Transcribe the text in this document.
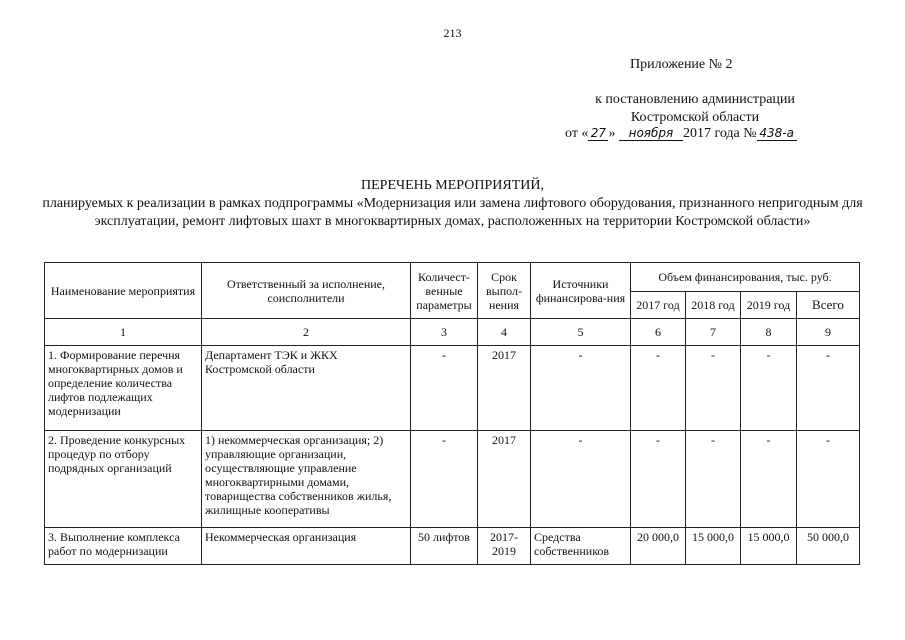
213
Приложение № 2
к постановлению администрации
Костромской области
от « 27 » ноября 2017 года № 438-а
ПЕРЕЧЕНЬ МЕРОПРИЯТИЙ,
планируемых к реализации в рамках подпрограммы «Модернизация или замена лифтового оборудования, признанного непригодным для эксплуатации, ремонт лифтовых шахт в многоквартирных домах, расположенных на территории Костромской области»
Наименование мероприятия	Ответственный за исполнение, соисполнители	Количест-венные параметры	Срок выпол-нения	Источники финансирова-ния	Объем финансирования, тыс. руб.			
					2017 год	2018 год	2019 год	Всего
1	2	3	4	5	6	7	8	9
1. Формирование перечня многоквартирных домов и определение количества лифтов подлежащих модернизации	Департамент ТЭК и ЖКХ Костромской области	-	2017	-	-	-	-	-
2. Проведение конкурсных процедур по отбору подрядных организаций	1) некоммерческая организация; 2) управляющие организации, осуществляющие управление многоквартирными домами, товарищества собственников жилья, жилищные кооперативы	-	2017	-	-	-	-	-
3. Выполнение комплекса работ по модернизации	Некоммерческая организация	50 лифтов	2017-2019	Средства собственников	20 000,0	15 000,0	15 000,0	50 000,0
